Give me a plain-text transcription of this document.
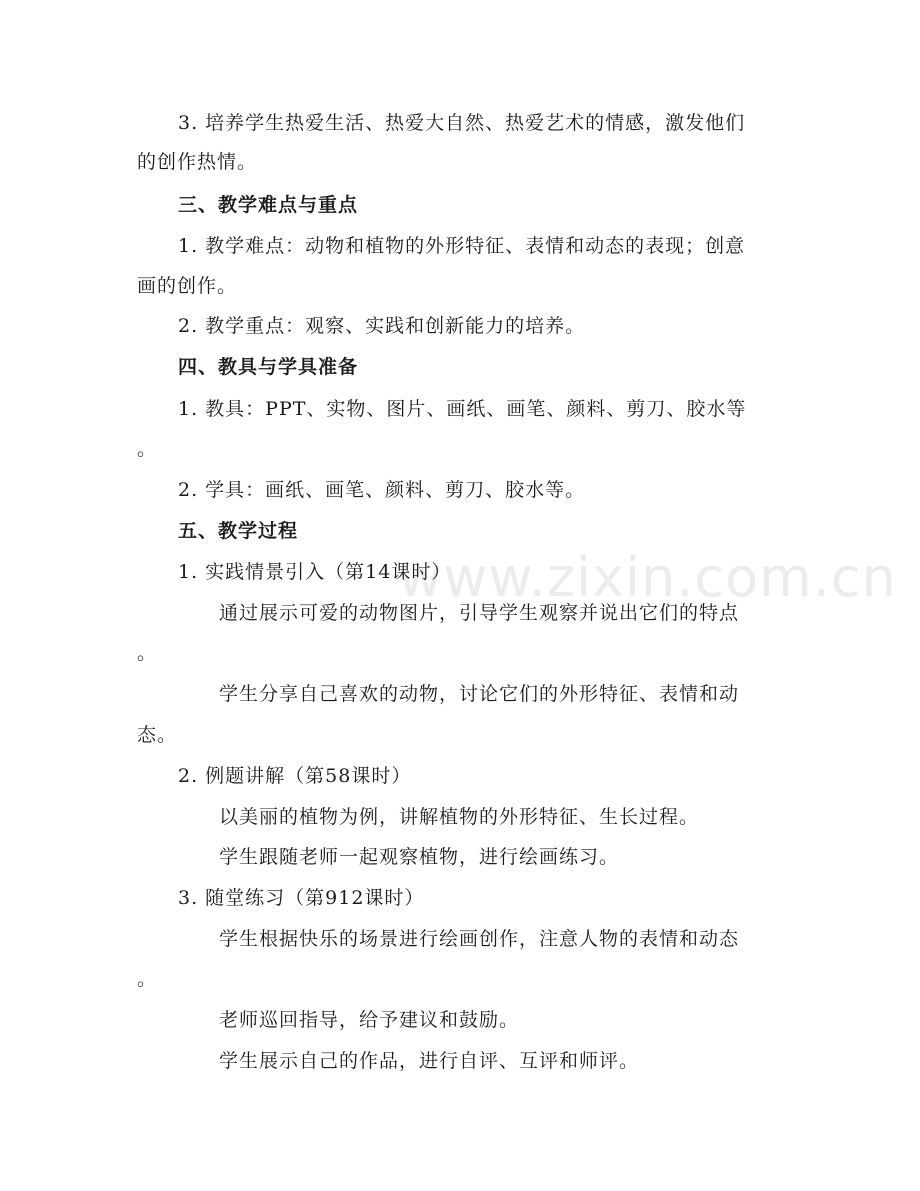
www.zixin.com.cn
3. 培养学生热爱生活、热爱大自然、热爱艺术的情感，激发他们
的创作热情。
三、教学难点与重点
1. 教学难点：动物和植物的外形特征、表情和动态的表现；创意
画的创作。
2. 教学重点：观察、实践和创新能力的培养。
四、教具与学具准备
1. 教具：PPT、实物、图片、画纸、画笔、颜料、剪刀、胶水等
。
2. 学具：画纸、画笔、颜料、剪刀、胶水等。
五、教学过程
1. 实践情景引入（第14课时）
通过展示可爱的动物图片，引导学生观察并说出它们的特点
。
学生分享自己喜欢的动物，讨论它们的外形特征、表情和动
态。
2. 例题讲解（第58课时）
以美丽的植物为例，讲解植物的外形特征、生长过程。
学生跟随老师一起观察植物，进行绘画练习。
3. 随堂练习（第912课时）
学生根据快乐的场景进行绘画创作，注意人物的表情和动态
。
老师巡回指导，给予建议和鼓励。
学生展示自己的作品，进行自评、互评和师评。
